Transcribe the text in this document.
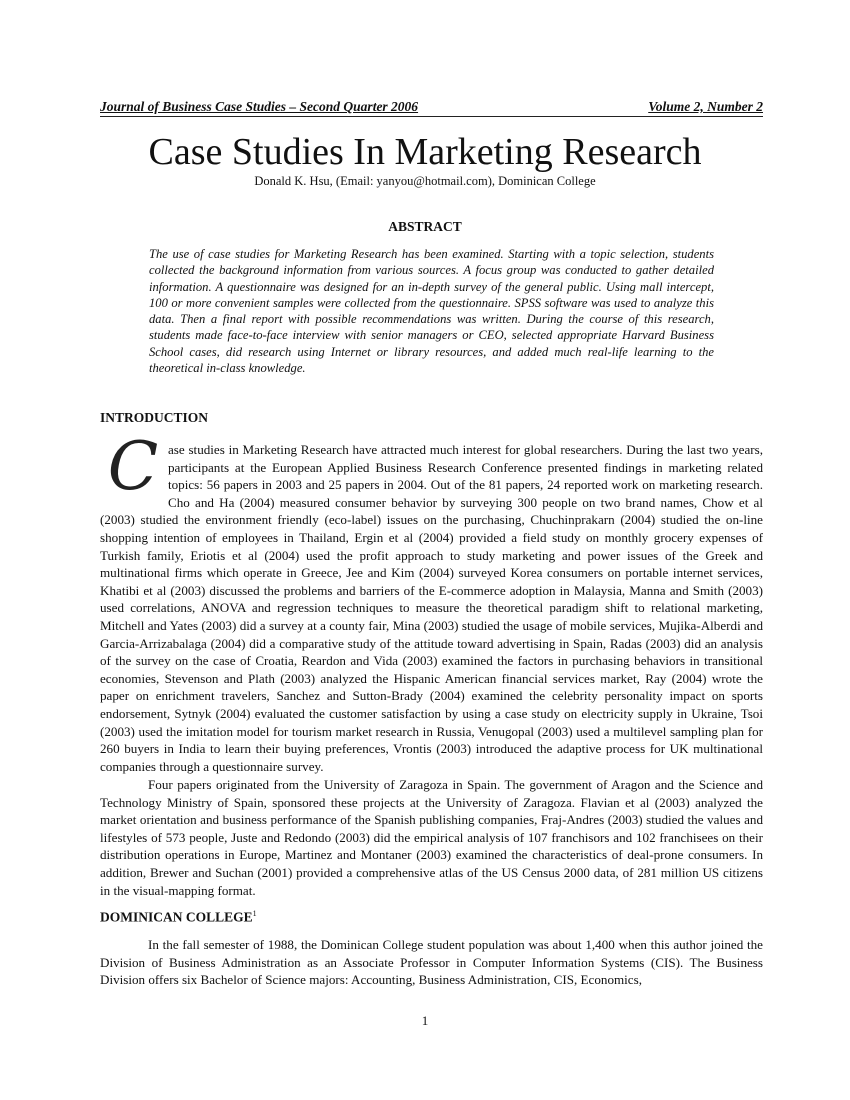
Journal of Business Case Studies – Second Quarter 2006	Volume 2, Number 2
Case Studies In Marketing Research
Donald K. Hsu, (Email: yanyou@hotmail.com), Dominican College
ABSTRACT

The use of case studies for Marketing Research has been examined. Starting with a topic selection, students collected the background information from various sources. A focus group was conducted to gather detailed information. A questionnaire was designed for an in-depth survey of the general public. Using mall intercept, 100 or more convenient samples were collected from the questionnaire. SPSS software was used to analyze this data. Then a final report with possible recommendations was written. During the course of this research, students made face-to-face interview with senior managers or CEO, selected appropriate Harvard Business School cases, did research using Internet or library resources, and added much real-life learning to the theoretical in-class knowledge.

INTRODUCTION
Case studies in Marketing Research have attracted much interest for global researchers. During the last two years, participants at the European Applied Business Research Conference presented findings in marketing related topics: 56 papers in 2003 and 25 papers in 2004. Out of the 81 papers, 24 reported work on marketing research. Cho and Ha (2004) measured consumer behavior by surveying 300 people on two brand names, Chow et al (2003) studied the environment friendly (eco-label) issues on the purchasing, Chuchinprakarn (2004) studied the on-line shopping intention of employees in Thailand, Ergin et al (2004) provided a field study on monthly grocery expenses of Turkish family, Eriotis et al (2004) used the profit approach to study marketing and power issues of the Greek and multinational firms which operate in Greece, Jee and Kim (2004) surveyed Korea consumers on portable internet services, Khatibi et al (2003) discussed the problems and barriers of the E-commerce adoption in Malaysia, Manna and Smith (2003) used correlations, ANOVA and regression techniques to measure the theoretical paradigm shift to relational marketing, Mitchell and Yates (2003) did a survey at a county fair, Mina (2003) studied the usage of mobile services, Mujika-Alberdi and Garcia-Arrizabalaga (2004) did a comparative study of the attitude toward advertising in Spain, Radas (2003) did an analysis of the survey on the case of Croatia, Reardon and Vida (2003) examined the factors in purchasing behaviors in transitional economies, Stevenson and Plath (2003) analyzed the Hispanic American financial services market, Ray (2004) wrote the paper on enrichment travelers, Sanchez and Sutton-Brady (2004) examined the celebrity personality impact on sports endorsement, Sytnyk (2004) evaluated the customer satisfaction by using a case study on electricity supply in Ukraine, Tsoi (2003) used the imitation model for tourism market research in Russia, Venugopal (2003) used a multilevel sampling plan for 260 buyers in India to learn their buying preferences, Vrontis (2003) introduced the adaptive process for UK multinational companies through a questionnaire survey.

Four papers originated from the University of Zaragoza in Spain. The government of Aragon and the Science and Technology Ministry of Spain, sponsored these projects at the University of Zaragoza. Flavian et al (2003) analyzed the market orientation and business performance of the Spanish publishing companies, Fraj-Andres (2003) studied the values and lifestyles of 573 people, Juste and Redondo (2003) did the empirical analysis of 107 franchisors and 102 franchisees on their distribution operations in Europe, Martinez and Montaner (2003) examined the characteristics of deal-prone consumers. In addition, Brewer and Suchan (2001) provided a comprehensive atlas of the US Census 2000 data, of 281 million US citizens in the visual-mapping format.

DOMINICAN COLLEGE$^1$

In the fall semester of 1988, the Dominican College student population was about 1,400 when this author joined the Division of Business Administration as an Associate Professor in Computer Information Systems (CIS). The Business Division offers six Bachelor of Science majors: Accounting, Business Administration, CIS, Economics,

1
